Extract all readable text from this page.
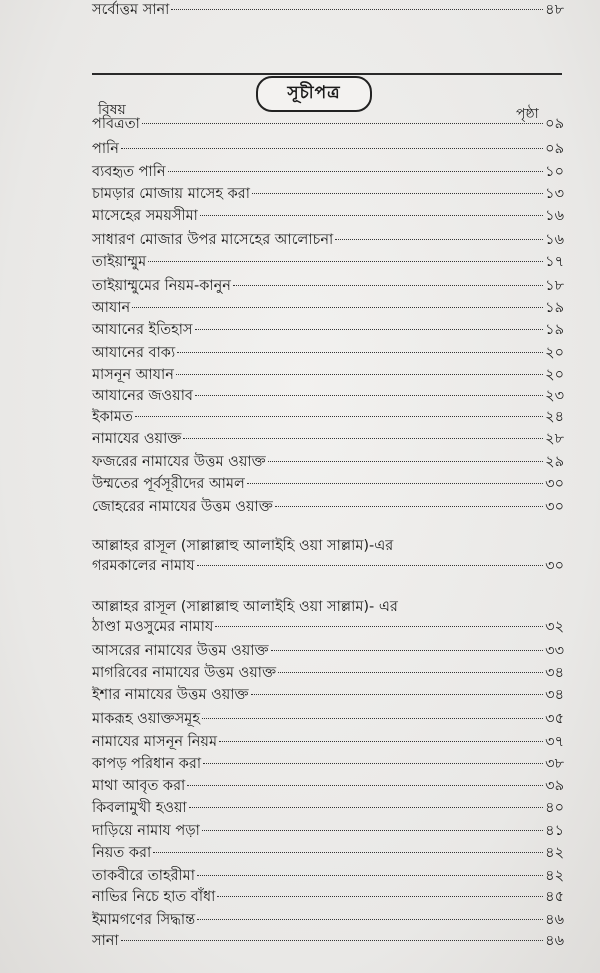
সূচীপত্র
বিষয়	পৃষ্ঠা
পবিত্রতা	০৯
পানি	০৯
ব্যবহৃত পানি	১০
চামড়ার মোজায় মাসেহ করা	১৩
মাসেহের সময়সীমা	১৬
সাধারণ মোজার উপর মাসেহের আলোচনা	১৬
তাইয়াম্মুম	১৭
তাইয়াম্মুমের নিয়ম-কানুন	১৮
আযান	১৯
আযানের ইতিহাস	১৯
আযানের বাক্য	২০
মাসনূন আযান	২০
আযানের জওয়াব	২৩
ইকামত	২৪
নামাযের ওয়াক্ত	২৮
ফজরের নামাযের উত্তম ওয়াক্ত	২৯
উম্মতের পূর্বসূরীদের আমল	৩০
জোহরের নামাযের উত্তম ওয়াক্ত	৩০
আল্লাহর রাসূল (সাল্লাল্লাহু আলাইহি ওয়া সাল্লাম)-এর
গরমকালের নামায	৩০
আল্লাহর রাসূল (সাল্লাল্লাহু আলাইহি ওয়া সাল্লাম)- এর
ঠাণ্ডা মওসুমের নামায	৩২
আসরের নামাযের উত্তম ওয়াক্ত	৩৩
মাগরিবের নামাযের উত্তম ওয়াক্ত	৩৪
ইশার নামাযের উত্তম ওয়াক্ত	৩৪
মাকরূহ ওয়াক্তসমূহ	৩৫
নামাযের মাসনূন নিয়ম	৩৭
কাপড় পরিধান করা	৩৮
মাথা আবৃত করা	৩৯
কিবলামুখী হওয়া	৪০
দাড়িয়ে নামায পড়া	৪১
নিয়ত করা	৪২
তাকবীরে তাহরীমা	৪২
নাভির নিচে হাত বাঁধা	৪৫
ইমামগণের সিদ্ধান্ত	৪৬
সানা	৪৬
সর্বোত্তম সানা	৪৮
